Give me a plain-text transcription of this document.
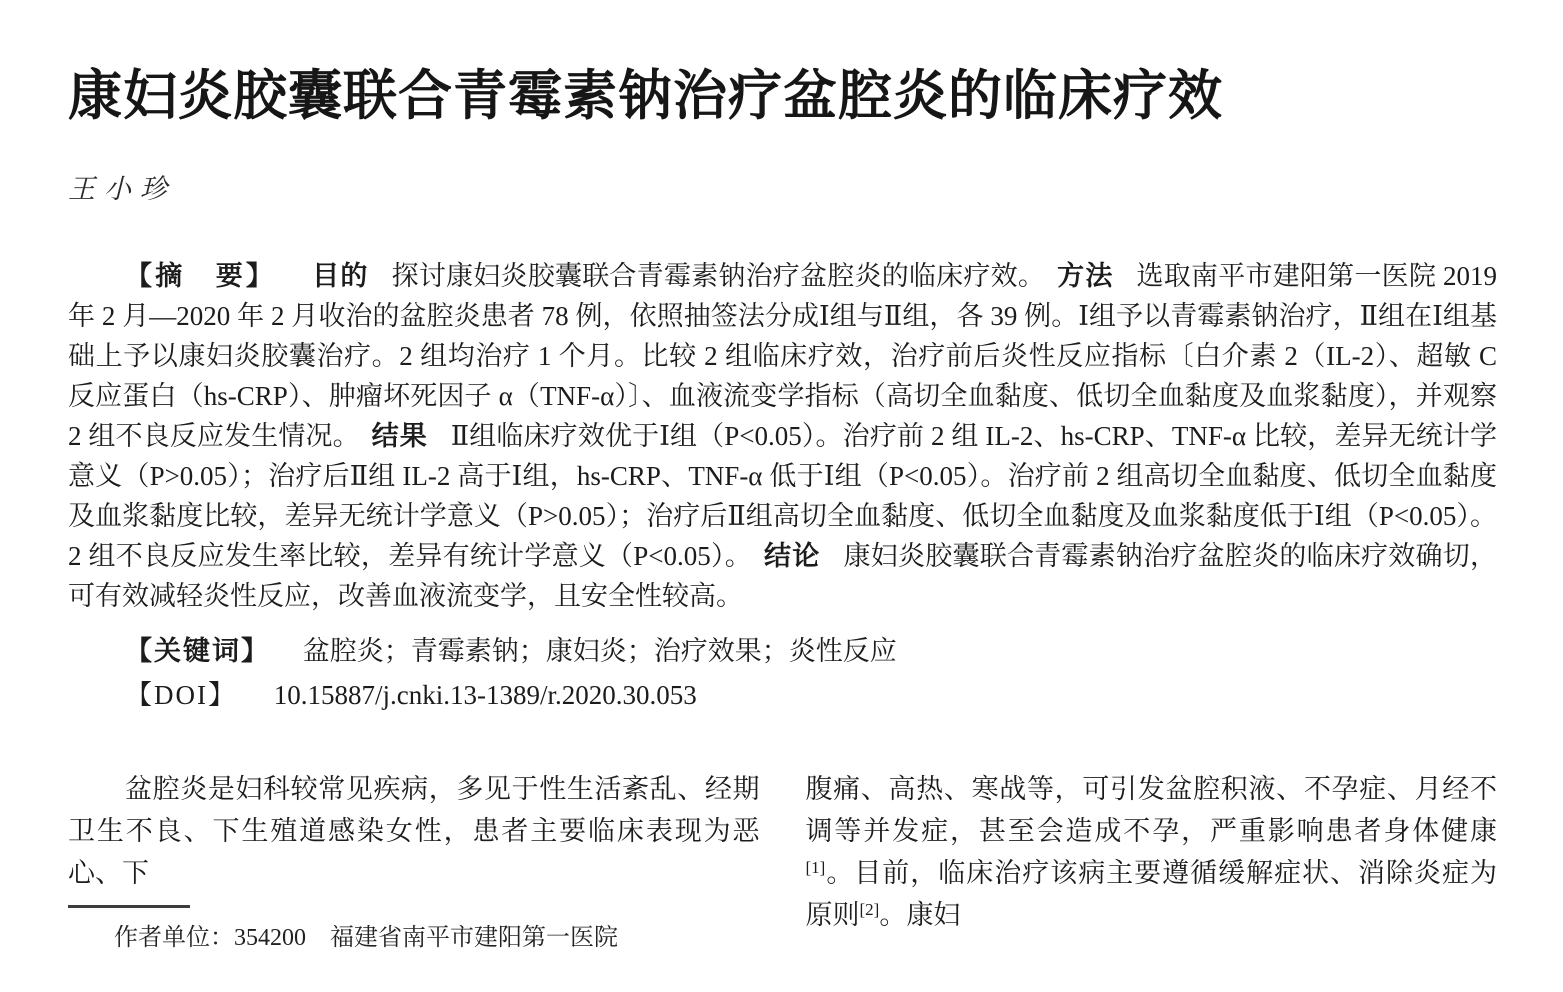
康妇炎胶囊联合青霉素钠治疗盆腔炎的临床疗效
王小珍

【摘　要】 目的 探讨康妇炎胶囊联合青霉素钠治疗盆腔炎的临床疗效。 方法 选取南平市建阳第一医院 2019 年 2 月—2020 年 2 月收治的盆腔炎患者 78 例，依照抽签法分成Ⅰ组与Ⅱ组，各 39 例。Ⅰ组予以青霉素钠治疗，Ⅱ组在Ⅰ组基础上予以康妇炎胶囊治疗。2 组均治疗 1 个月。比较 2 组临床疗效，治疗前后炎性反应指标〔白介素 2（IL-2）、超敏 C 反应蛋白（hs-CRP）、肿瘤坏死因子 α（TNF-α）〕、血液流变学指标（高切全血黏度、低切全血黏度及血浆黏度），并观察 2 组不良反应发生情况。 结果 Ⅱ组临床疗效优于Ⅰ组（P<0.05）。治疗前 2 组 IL-2、hs-CRP、TNF-α 比较，差异无统计学意义（P>0.05）；治疗后Ⅱ组 IL-2 高于Ⅰ组，hs-CRP、TNF-α 低于Ⅰ组（P<0.05）。治疗前 2 组高切全血黏度、低切全血黏度及血浆黏度比较，差异无统计学意义（P>0.05）；治疗后Ⅱ组高切全血黏度、低切全血黏度及血浆黏度低于Ⅰ组（P<0.05）。2 组不良反应发生率比较，差异有统计学意义（P<0.05）。 结论 康妇炎胶囊联合青霉素钠治疗盆腔炎的临床疗效确切，可有效减轻炎性反应，改善血液流变学，且安全性较高。

【关键词】 盆腔炎；青霉素钠；康妇炎；治疗效果；炎性反应

【DOI】 10.15887/j.cnki.13-1389/r.2020.30.053

盆腔炎是妇科较常见疾病，多见于性生活紊乱、经期卫生不良、下生殖道感染女性，患者主要临床表现为恶心、下

作者单位：354200　福建省南平市建阳第一医院

腹痛、高热、寒战等，可引发盆腔积液、不孕症、月经不调等并发症，甚至会造成不孕，严重影响患者身体健康[1]。目前，临床治疗该病主要遵循缓解症状、消除炎症为原则[2]。康妇
